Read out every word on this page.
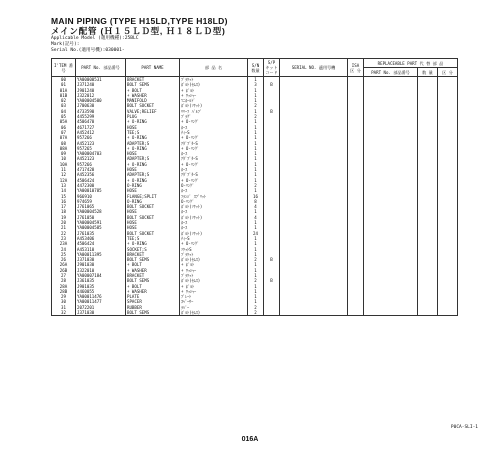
MAIN PIPING (TYPE H15LD,TYPE H18LD)
メイン配管 (Ｈ１５ＬＤ型, Ｈ１８ＬＤ型)
Applicable Model (適用機種):25BLC
Mark(記号):
Serial No.(適用号機):030001-
I'TEM 番 号	PART No. 部品番号	PART NAME	部 品 名	S/N 数量	S/P キット コード	SERIAL NO. 適用号機	ISA 区 分	REPLACEABLE PART 代 替 部 品		
								PART No. 部品番号	数 量	区 分
00	YA00000531	BRACKET	ﾌﾞﾗｹｯﾄ	1						
01	J371240	BOLT SEMS	ﾎﾞﾙﾄ(ｾﾑｽ)	3	B					
01A	J901240	+ BOLT	+ ﾎﾞﾙﾄ	1						
01B	J322012	+ WASHER	+ ﾜｯｼｬｰ	1						
02	YA00004500	MANIFOLD	ﾏﾆﾎｰﾙﾄﾞ	1						
03	J700630	BOLT SOCKET	ﾎﾞﾙﾄ(ｿｹｯﾄ)	2						
04	4733590	VALVE;RELIEF	ﾘﾘｰﾌ ﾊﾞﾙﾌﾞ	1	B					
05	4455299	PLUG	ﾌﾟﾗｸﾞ	2						
05A	4506470	+ O-RING	+ O-ﾘﾝｸﾞ	1						
06	4671727	HOSE	ﾎｰｽ	1						
07	A452412	TEE;S	ﾃｨｰS	1						
07A	957266	+ O-RING	+ O-ﾘﾝｸﾞ	1						
08	A452123	ADAPTER;S	ｱﾀﾞﾌﾟﾀｰS	1						
08A	957265	+ O-RING	+ O-ﾘﾝｸﾞ	1						
09	YA00004703	HOSE	ﾎｰｽ	1						
10	A452123	ADAPTER;S	ｱﾀﾞﾌﾟﾀｰS	1						
10A	957266	+ O-RING	+ O-ﾘﾝｸﾞ	1						
11	4717420	HOSE	ﾎｰｽ	1						
12	A452356	ADAPTER;S	ｱﾀﾞﾌﾟﾀｰS	1						
12A	4506424	+ O-RING	+ O-ﾘﾝｸﾞ	1						
13	4472300	O-RING	O-ﾘﾝｸﾞ	2						
14	YA00010785	HOSE	ﾎｰｽ	1						
15	966910	FLANGE;SPLIT	ﾌﾗﾝｼﾞ ｽﾌﾟﾘｯﾄ	16						
16	974659	O-RING	O-ﾘﾝｸﾞ	8						
17	J761065	BOLT SOCKET	ﾎﾞﾙﾄ(ｿｹｯﾄ)	4						
18	YA00004528	HOSE	ﾎｰｽ	1						
19	J761050	BOLT SOCKET	ﾎﾞﾙﾄ(ｿｹｯﾄ)	4						
20	YA00004591	HOSE	ﾎｰｽ	1						
21	YA00004585	HOSE	ﾎｰｽ	1						
22	J761035	BOLT SOCKET	ﾎﾞﾙﾄ(ｿｹｯﾄ)	24						
23	A453406	TEE;S	ﾃｨｰS	1						
23A	4506424	+ O-RING	+ O-ﾘﾝｸﾞ	1						
24	A453110	SOCKET;S	ｿｹｯﾄS	1						
25	YA00011395	BRACKET	ﾌﾞﾗｹｯﾄ	1						
26	J371030	BOLT SEMS	ﾎﾞﾙﾄ(ｾﾑｽ)	2	B					
26A	J901030	+ BOLT	+ ﾎﾞﾙﾄ	1						
26B	J322010	+ WASHER	+ ﾜｯｼｬｰ	1						
27	YA00007184	BRACKET	ﾌﾞﾗｹｯﾄ	1						
28	J361035	BOLT SEMS	ﾎﾞﾙﾄ(ｾﾑｽ)	2	B					
28A	J901035	+ BOLT	+ ﾎﾞﾙﾄ	1						
28B	4460055	+ WASHER	+ ﾜｯｼｬｰ	1						
29	YA00011476	PLATE	ﾌﾟﾚｰﾄ	1						
30	YA00011477	SPACER	ｽﾍﾟｰｻｰ	1						
31	2072201	RUBBER	ﾗﾊﾞｰ	2						
32	J371030	BOLT SEMS	ﾎﾞﾙﾄ(ｾﾑｽ)	2						
P0CA-SLI-1
016A
